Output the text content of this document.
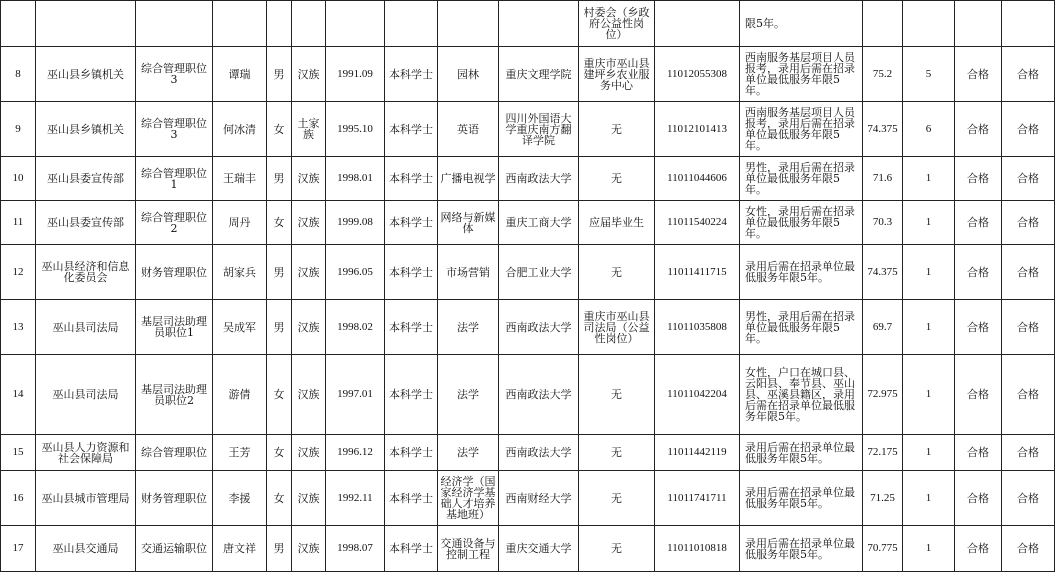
										村委会（乡政府公益性岗位）		限5年。				
8	巫山县乡镇机关	综合管理职位3	谭瑞	男	汉族	1991.09	本科学士	园林	重庆文理学院	重庆市巫山县建坪乡农业服务中心	11012055308	西南服务基层项目人员报考，录用后需在招录单位最低服务年限5年。	75.2	5	合格	合格
9	巫山县乡镇机关	综合管理职位3	何冰清	女	土家族	1995.10	本科学士	英语	四川外国语大学重庆南方翻译学院	无	11012101413	西南服务基层项目人员报考，录用后需在招录单位最低服务年限5年。	74.375	6	合格	合格
10	巫山县委宣传部	综合管理职位1	王瑞丰	男	汉族	1998.01	本科学士	广播电视学	西南政法大学	无	11011044606	男性，录用后需在招录单位最低服务年限5年。	71.6	1	合格	合格
11	巫山县委宣传部	综合管理职位2	周丹	女	汉族	1999.08	本科学士	网络与新媒体	重庆工商大学	应届毕业生	11011540224	女性，录用后需在招录单位最低服务年限5年。	70.3	1	合格	合格
12	巫山县经济和信息化委员会	财务管理职位	胡家兵	男	汉族	1996.05	本科学士	市场营销	合肥工业大学	无	11011411715	录用后需在招录单位最低服务年限5年。	74.375	1	合格	合格
13	巫山县司法局	基层司法助理员职位1	吴成军	男	汉族	1998.02	本科学士	法学	西南政法大学	重庆市巫山县司法局（公益性岗位）	11011035808	男性，录用后需在招录单位最低服务年限5年。	69.7	1	合格	合格
14	巫山县司法局	基层司法助理员职位2	游倩	女	汉族	1997.01	本科学士	法学	西南政法大学	无	11011042204	女性，户口在城口县、云阳县、奉节县、巫山县、巫溪县籍区，录用后需在招录单位最低服务年限5年。	72.975	1	合格	合格
15	巫山县人力资源和社会保障局	综合管理职位	王芳	女	汉族	1996.12	本科学士	法学	西南政法大学	无	11011442119	录用后需在招录单位最低服务年限5年。	72.175	1	合格	合格
16	巫山县城市管理局	财务管理职位	李援	女	汉族	1992.11	本科学士	经济学（国家经济学基础人才培养基地班）	西南财经大学	无	11011741711	录用后需在招录单位最低服务年限5年。	71.25	1	合格	合格
17	巫山县交通局	交通运输职位	唐文祥	男	汉族	1998.07	本科学士	交通设备与控制工程	重庆交通大学	无	11011010818	录用后需在招录单位最低服务年限5年。	70.775	1	合格	合格
